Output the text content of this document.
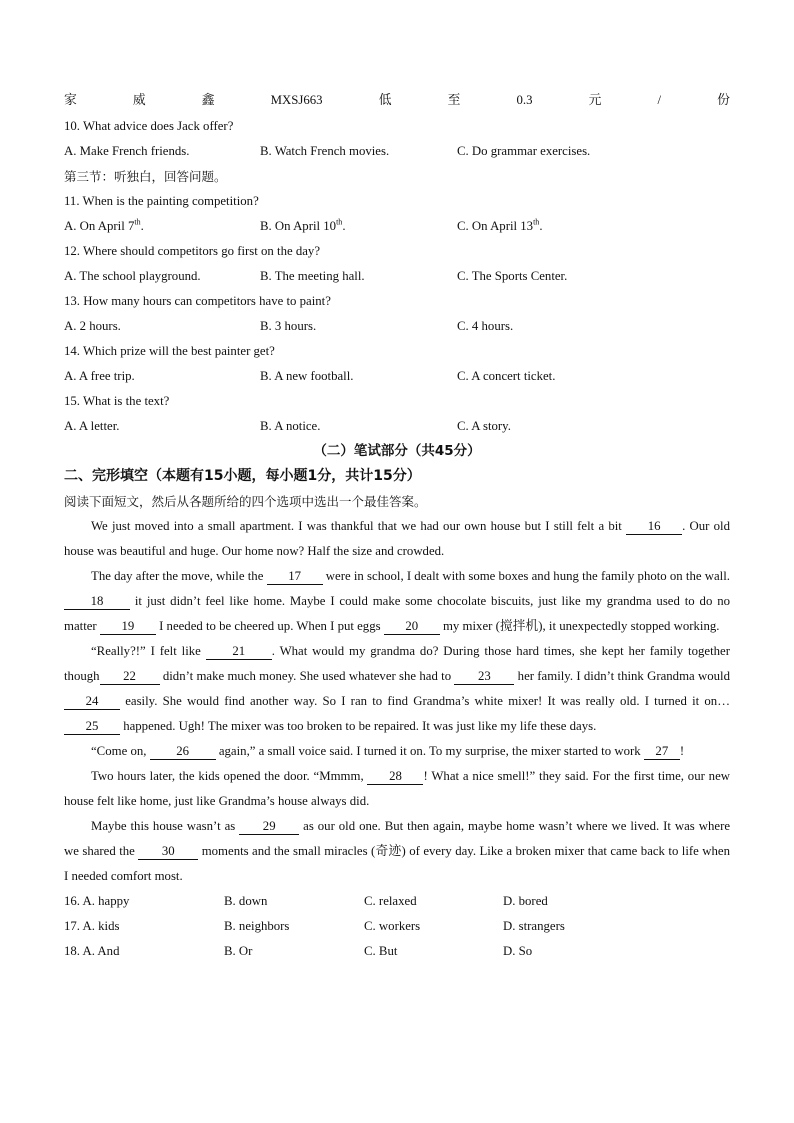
家	威	鑫	MXSJ663	低	至	0.3	元	/	份
10. What advice does Jack offer?
A. Make French friends.	B. Watch French movies.	C. Do grammar exercises.
第三节：听独白，回答问题。
11. When is the painting competition?
A. On April 7th.	B. On April 10th.	C. On April 13th.
12. Where should competitors go first on the day?
A. The school playground.	B. The meeting hall.	C. The Sports Center.
13. How many hours can competitors have to paint?
A. 2 hours.	B. 3 hours.	C. 4 hours.
14. Which prize will the best painter get?
A. A free trip.	B. A new football.	C. A concert ticket.
15. What is the text?
A. A letter.	B. A notice.	C. A story.
（二）笔试部分（共45分）
二、完形填空（本题有15小题，每小题1分，共计15分）
阅读下面短文，然后从各题所给的四个选项中选出一个最佳答案。
We just moved into a small apartment. I was thankful that we had our own house but I still felt a bit 16 . Our old house was beautiful and huge. Our home now? Half the size and crowded.
The day after the move, while the 17 were in school, I dealt with some boxes and hung the family photo on the wall. 18 it just didn’t feel like home. Maybe I could make some chocolate biscuits, just like my grandma used to do no matter 19 I needed to be cheered up. When I put eggs 20 my mixer (搅拌机), it unexpectedly stopped working.
“Really?!” I felt like 21 . What would my grandma do? During those hard times, she kept her family together though 22 didn’t make much money. She used whatever she had to 23 her family. I didn’t think Grandma would 24 easily. She would find another way. So I ran to find Grandma’s white mixer! It was really old. I turned it on… 25 happened. Ugh! The mixer was too broken to be repaired. It was just like my life these days.
“Come on, 26 again,” a small voice said. I turned it on. To my surprise, the mixer started to work 27 !
Two hours later, the kids opened the door. “Mmmm, 28 ! What a nice smell!” they said. For the first time, our new house felt like home, just like Grandma’s house always did.
Maybe this house wasn’t as 29 as our old one. But then again, maybe home wasn’t where we lived. It was where we shared the 30 moments and the small miracles (奇迹) of every day. Like a broken mixer that came back to life when I needed comfort most.
16. A. happy	B. down	C. relaxed	D. bored
17. A. kids	B. neighbors	C. workers	D. strangers
18. A. And	B. Or	C. But	D. So
